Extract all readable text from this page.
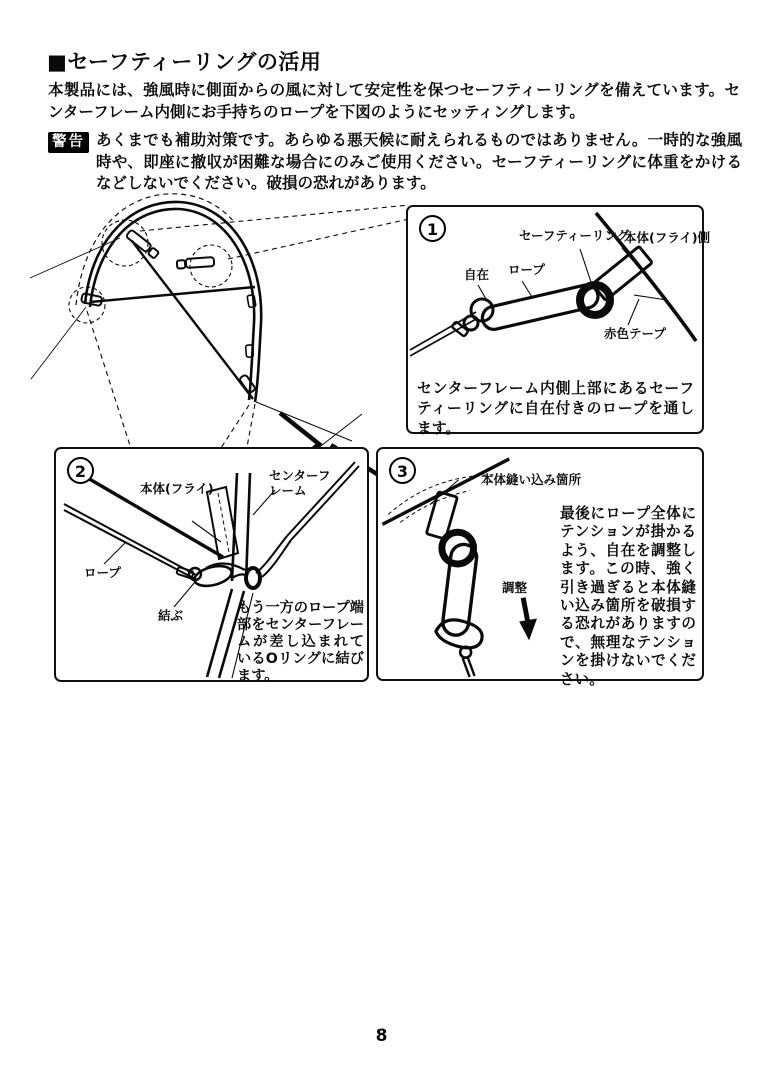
■セーフティーリングの活用

本製品には、強風時に側面からの風に対して安定性を保つセーフティーリングを備えています。センターフレーム内側にお手持ちのロープを下図のようにセッティングします。

警告 あくまでも補助対策です。あらゆる悪天候に耐えられるものではありません。一時的な強風時や、即座に撤収が困難な場合にのみご使用ください。セーフティーリングに体重をかけるなどしないでください。破損の恐れがあります。
1	セーフティーリング
本体(フライ)側
自在 ロープ
赤色テープ
センターフレーム内側上部にあるセーフティーリングに自在付きのロープを通します。
2
本体(フライ)
センターフレーム
ロープ
結ぶ	もう一方のロープ端部をセンターフレームが差し込まれているOリングに結びます。
3	本体縫い込み箇所
調整
最後にロープ全体にテンションが掛かるよう、自在を調整します。この時、強く引き過ぎると本体縫い込み箇所を破損する恐れがありますので、無理なテンションを掛けないでください。
8
